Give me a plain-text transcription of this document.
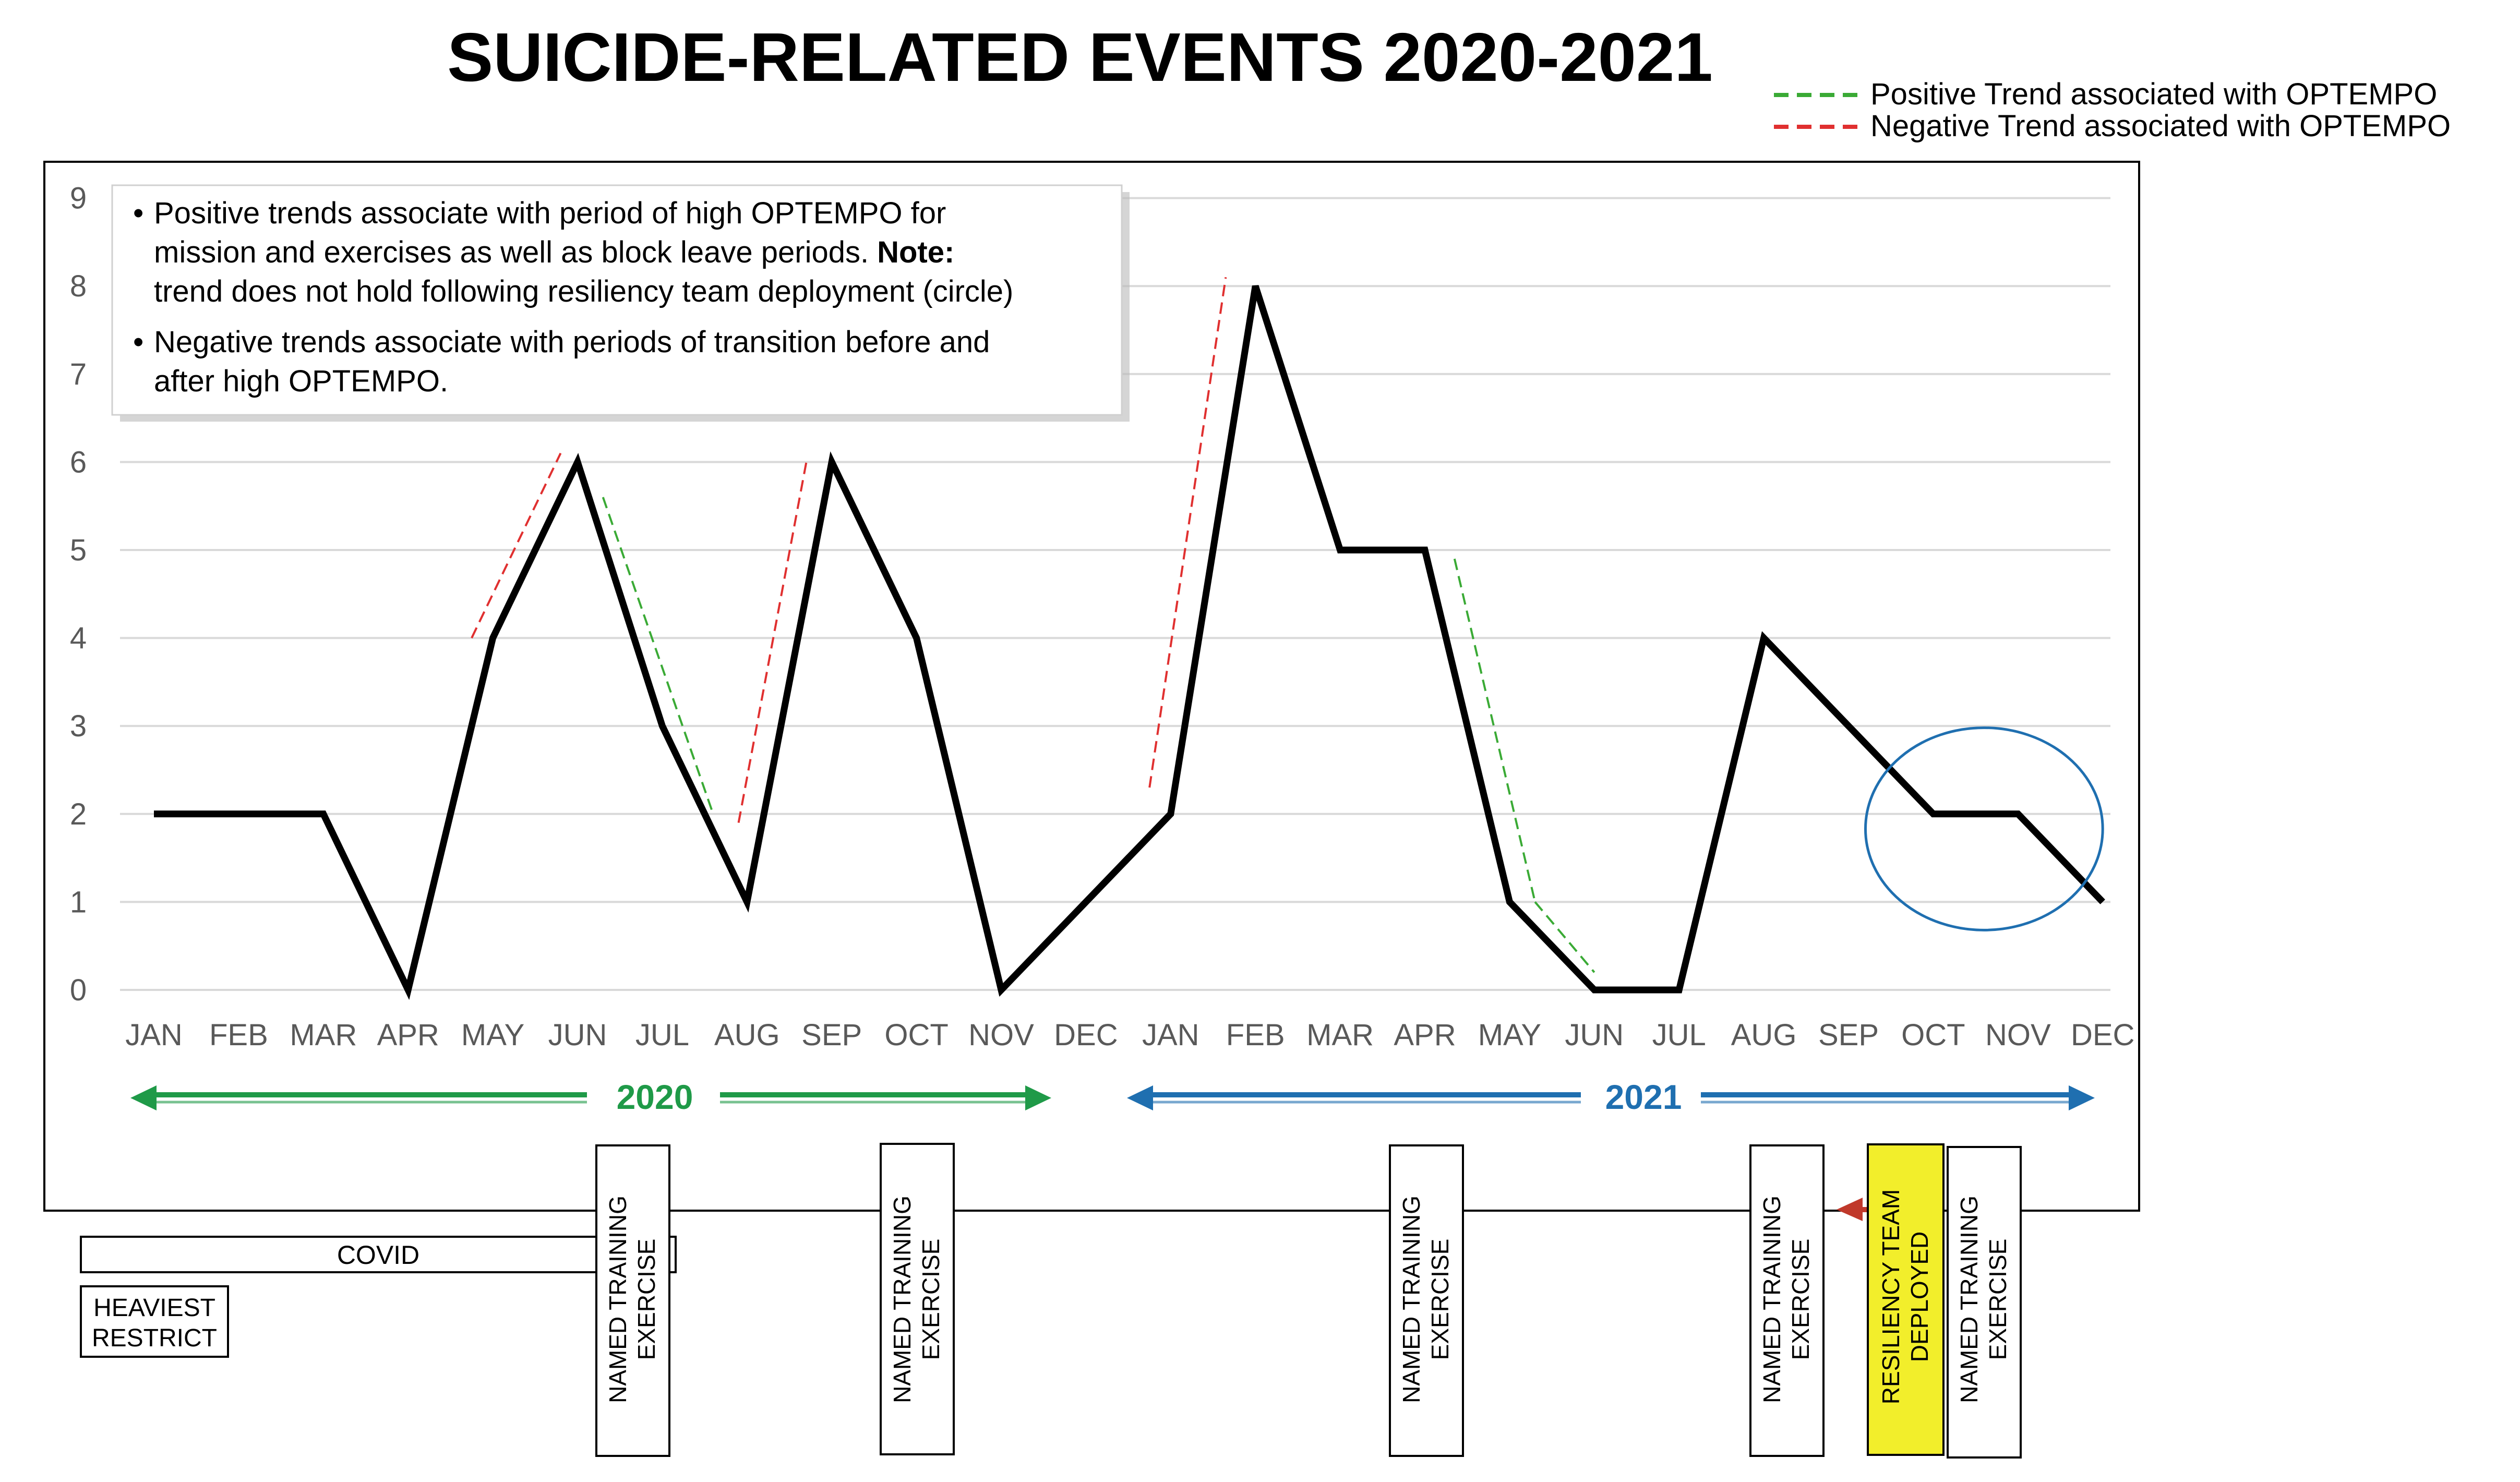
SUICIDE-RELATED EVENTS 2020-2021	Positive Trend associated with OPTEMPO
Negative Trend associated with OPTEMPO
0
1
2
3
4
5
6
7
8
9
JAN FEB MAR APR MAY JUN JUL AUG SEP OCT NOV DEC JAN FEB MAR APR MAY JUN JUL AUG SEP OCT NOV DEC
• Positive trends associate with period of high OPTEMPO for
mission and exercises as well as block leave periods. Note:
trend does not hold following resiliency team deployment (circle)
• Negative trends associate with periods of transition before and
after high OPTEMPO.
2020	2021
COVID
HEAVIEST
RESTRICT	NAMED TRAINING EXERCISE	NAMED TRAINING EXERCISE	NAMED TRAINING EXERCISE	NAMED TRAINING EXERCISE	RESILIENCY TEAM DEPLOYED NAMED TRAINING EXERCISE
